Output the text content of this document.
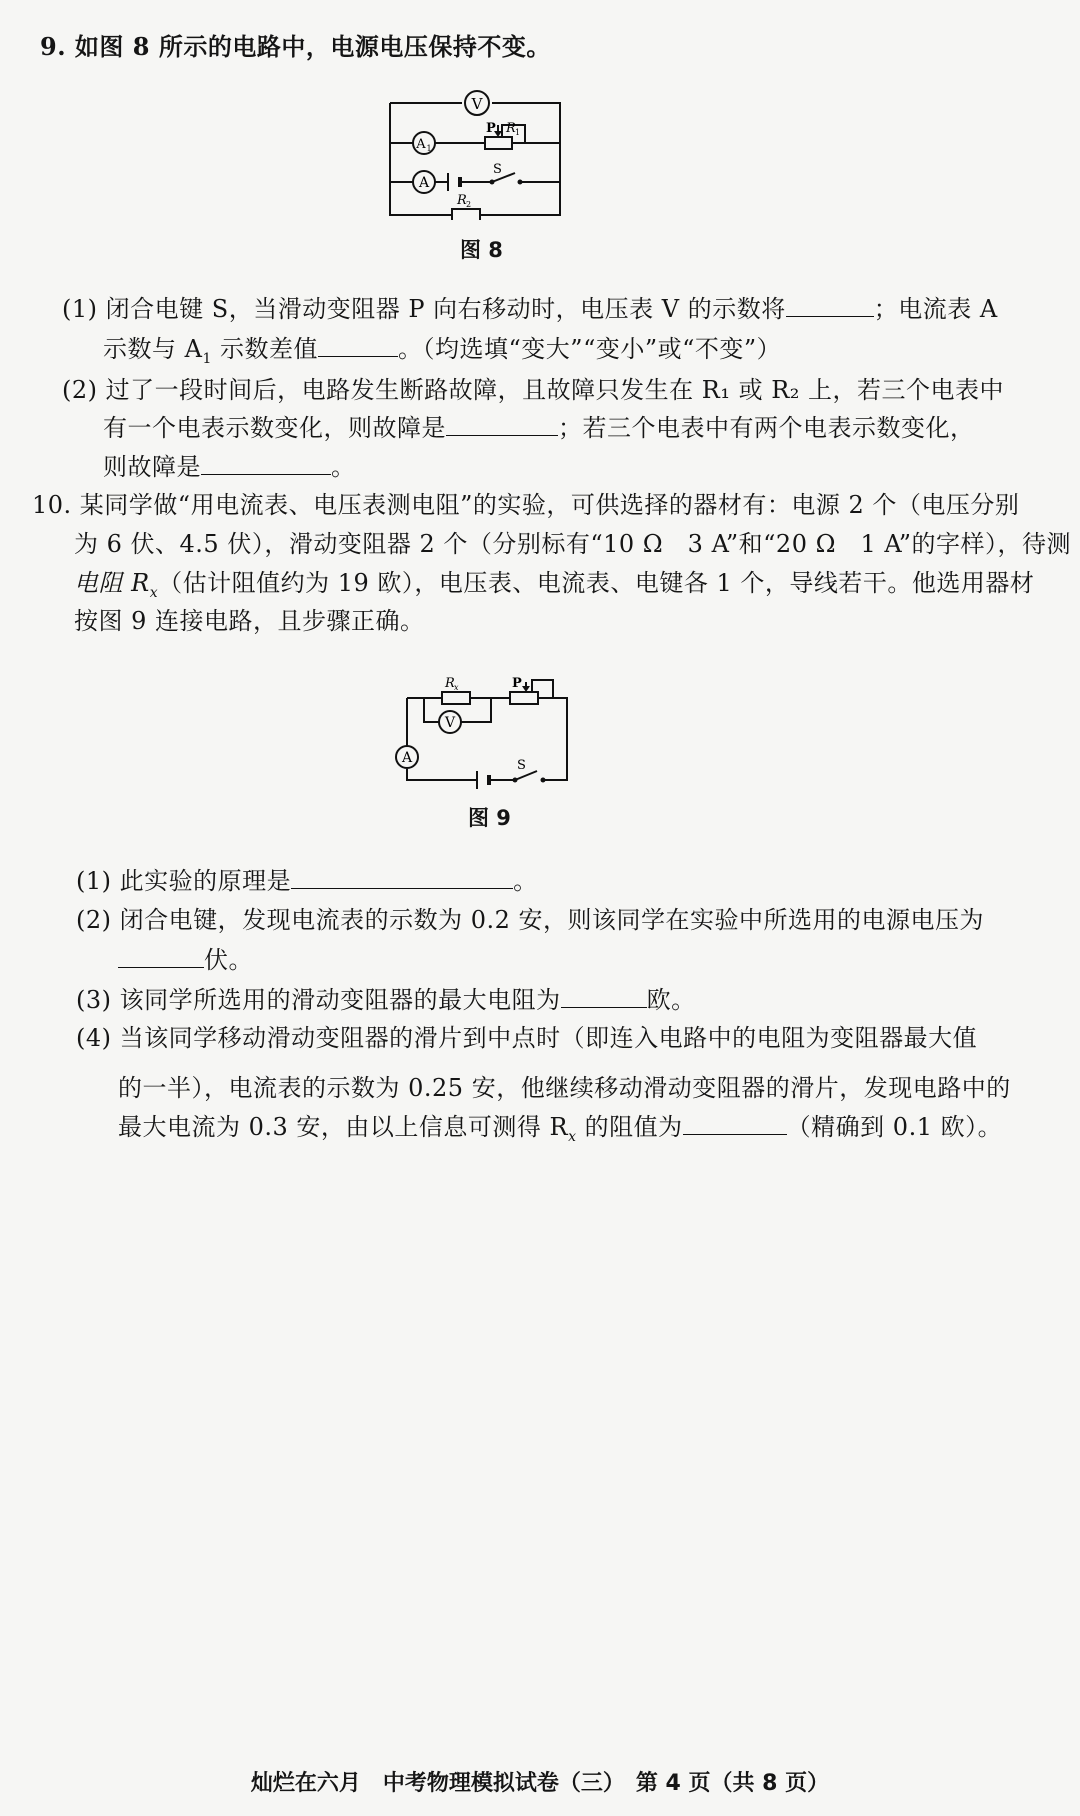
9. 如图 8 所示的电路中，电源电压保持不变。
V
A 1
A
P R 1
S
R 2
图 8
(1) 闭合电键 S，当滑动变阻器 P 向右移动时，电压表 V 的示数将	；电流表 A
示数与 $A_1$ 示数差值	。（均选填“变大”“变小”或“不变”）
(2) 过了一段时间后，电路发生断路故障，且故障只发生在 R₁ 或 R₂ 上，若三个电表中
有一个电表示数变化，则故障是	；若三个电表中有两个电表示数变化，
则故障是	。
10. 某同学做“用电流表、电压表测电阻”的实验，可供选择的器材有：电源 2 个（电压分别
为 6 伏、4.5 伏），滑动变阻器 2 个（分别标有“10 Ω　3 A”和“20 Ω　1 A”的字样），待测
电阻 $R_x$（估计阻值约为 19 欧），电压表、电流表、电键各 1 个，导线若干。他选用器材
按图 9 连接电路，且步骤正确。
R x	P
V
A	S
图 9
(1) 此实验的原理是	。
(2) 闭合电键，发现电流表的示数为 0.2 安，则该同学在实验中所选用的电源电压为
伏。
(3) 该同学所选用的滑动变阻器的最大电阻为	欧。
(4) 当该同学移动滑动变阻器的滑片到中点时（即连入电路中的电阻为变阻器最大值
的一半），电流表的示数为 0.25 安，他继续移动滑动变阻器的滑片，发现电路中的
最大电流为 0.3 安，由以上信息可测得 $R_x$ 的阻值为	（精确到 0.1 欧）。
灿烂在六月　中考物理模拟试卷（三）　第 4 页（共 8 页）
